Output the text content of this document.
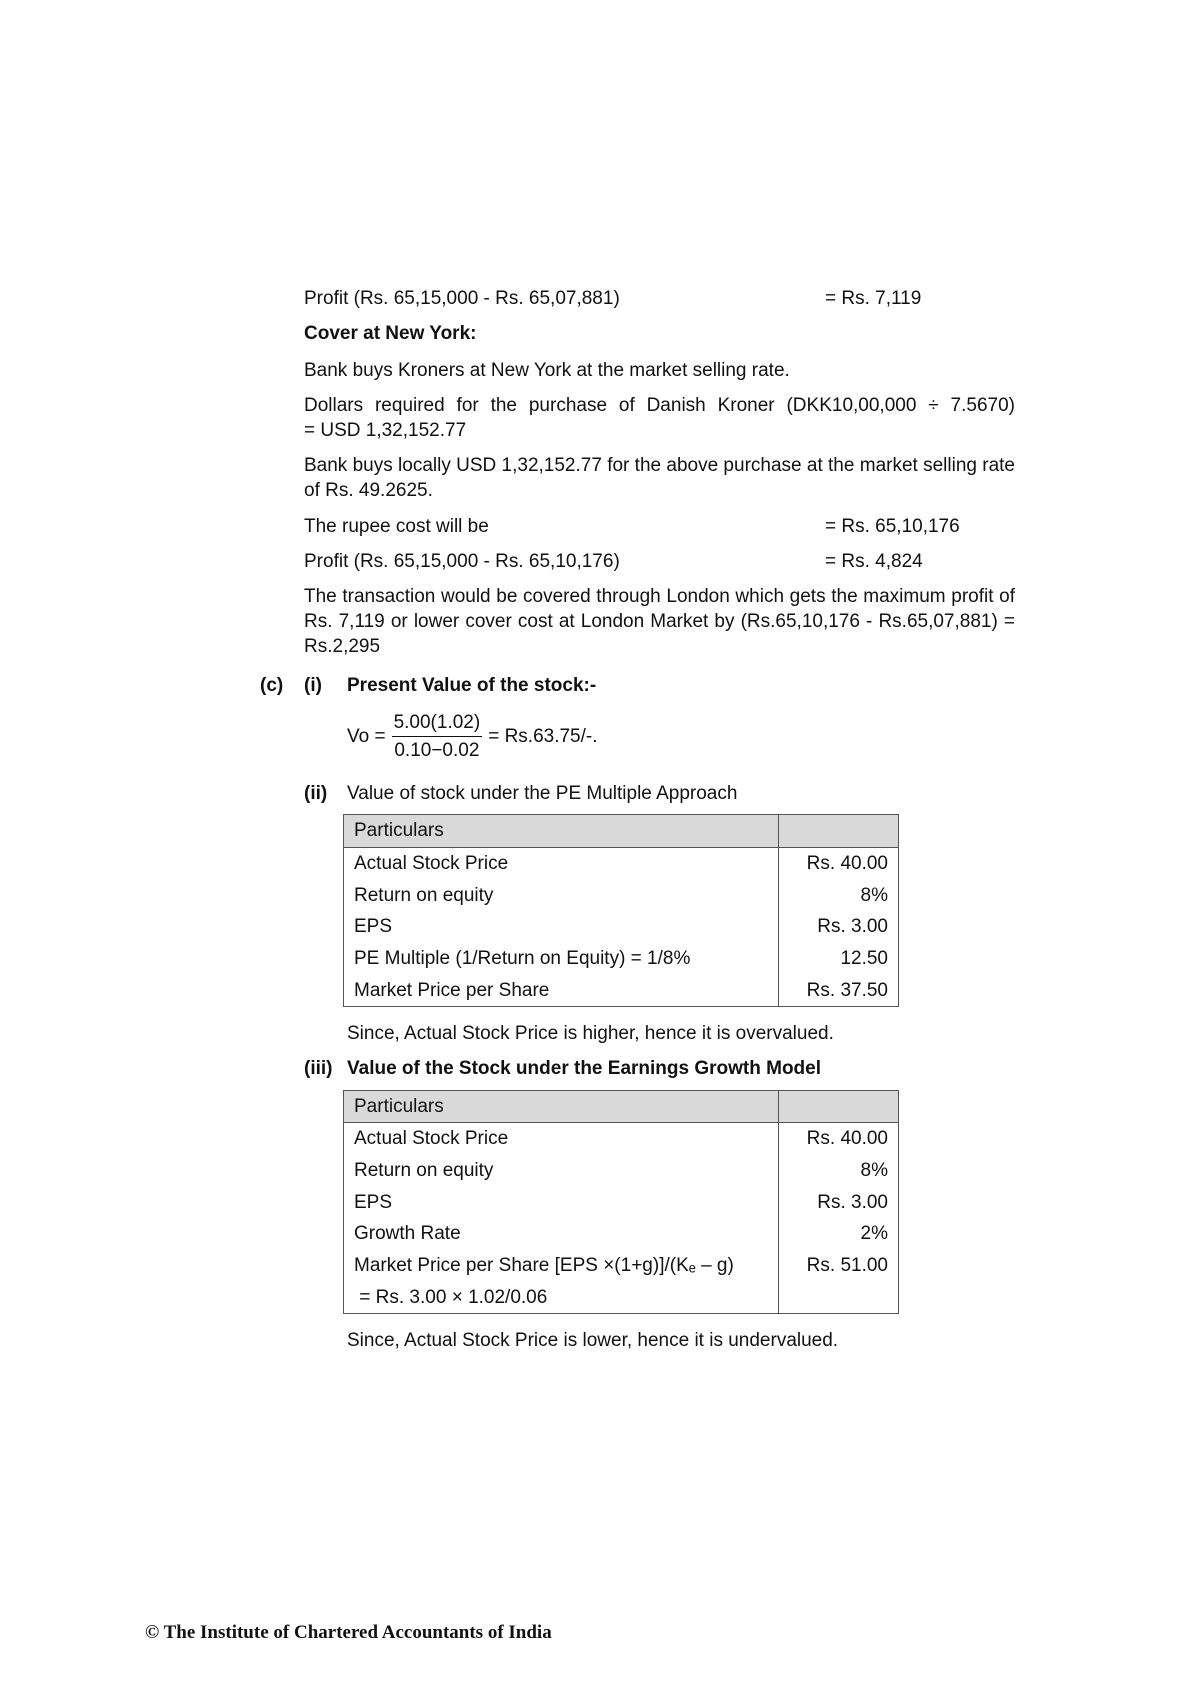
Profit (Rs. 65,15,000 - Rs. 65,07,881)	= Rs. 7,119

Cover at New York:

Bank buys Kroners at New York at the market selling rate.

Dollars required for the purchase of Danish Kroner (DKK10,00,000 ÷ 7.5670)

= USD 1,32,152.77

Bank buys locally USD 1,32,152.77 for the above purchase at the market selling rate of Rs. 49.2625.

The rupee cost will be	= Rs. 65,10,176
Profit (Rs. 65,15,000 - Rs. 65,10,176)	= Rs. 4,824

The transaction would be covered through London which gets the maximum profit of Rs. 7,119 or lower cover cost at London Market by (Rs.65,10,176 - Rs.65,07,881) = Rs.2,295

(c) (i) Present Value of the stock:-
$Vo = \frac{5.00(1.02)}{0.10-0.02} = Rs.63.75/-$.
(ii) Value of stock under the PE Multiple Approach
Particulars	
Actual Stock Price	Rs. 40.00
Return on equity	8%
EPS	Rs. 3.00
PE Multiple (1/Return on Equity) = 1/8%	12.50
Market Price per Share	Rs. 37.50

Since, Actual Stock Price is higher, hence it is overvalued.

(iii) Value of the Stock under the Earnings Growth Model
Particulars	
Actual Stock Price	Rs. 40.00
Return on equity	8%
EPS	Rs. 3.00
Growth Rate	2%
Market Price per Share [EPS ×(1+g)]/(Kₑ – g)	Rs. 51.00
= Rs. 3.00 × 1.02/0.06	

Since, Actual Stock Price is lower, hence it is undervalued.

© The Institute of Chartered Accountants of India
